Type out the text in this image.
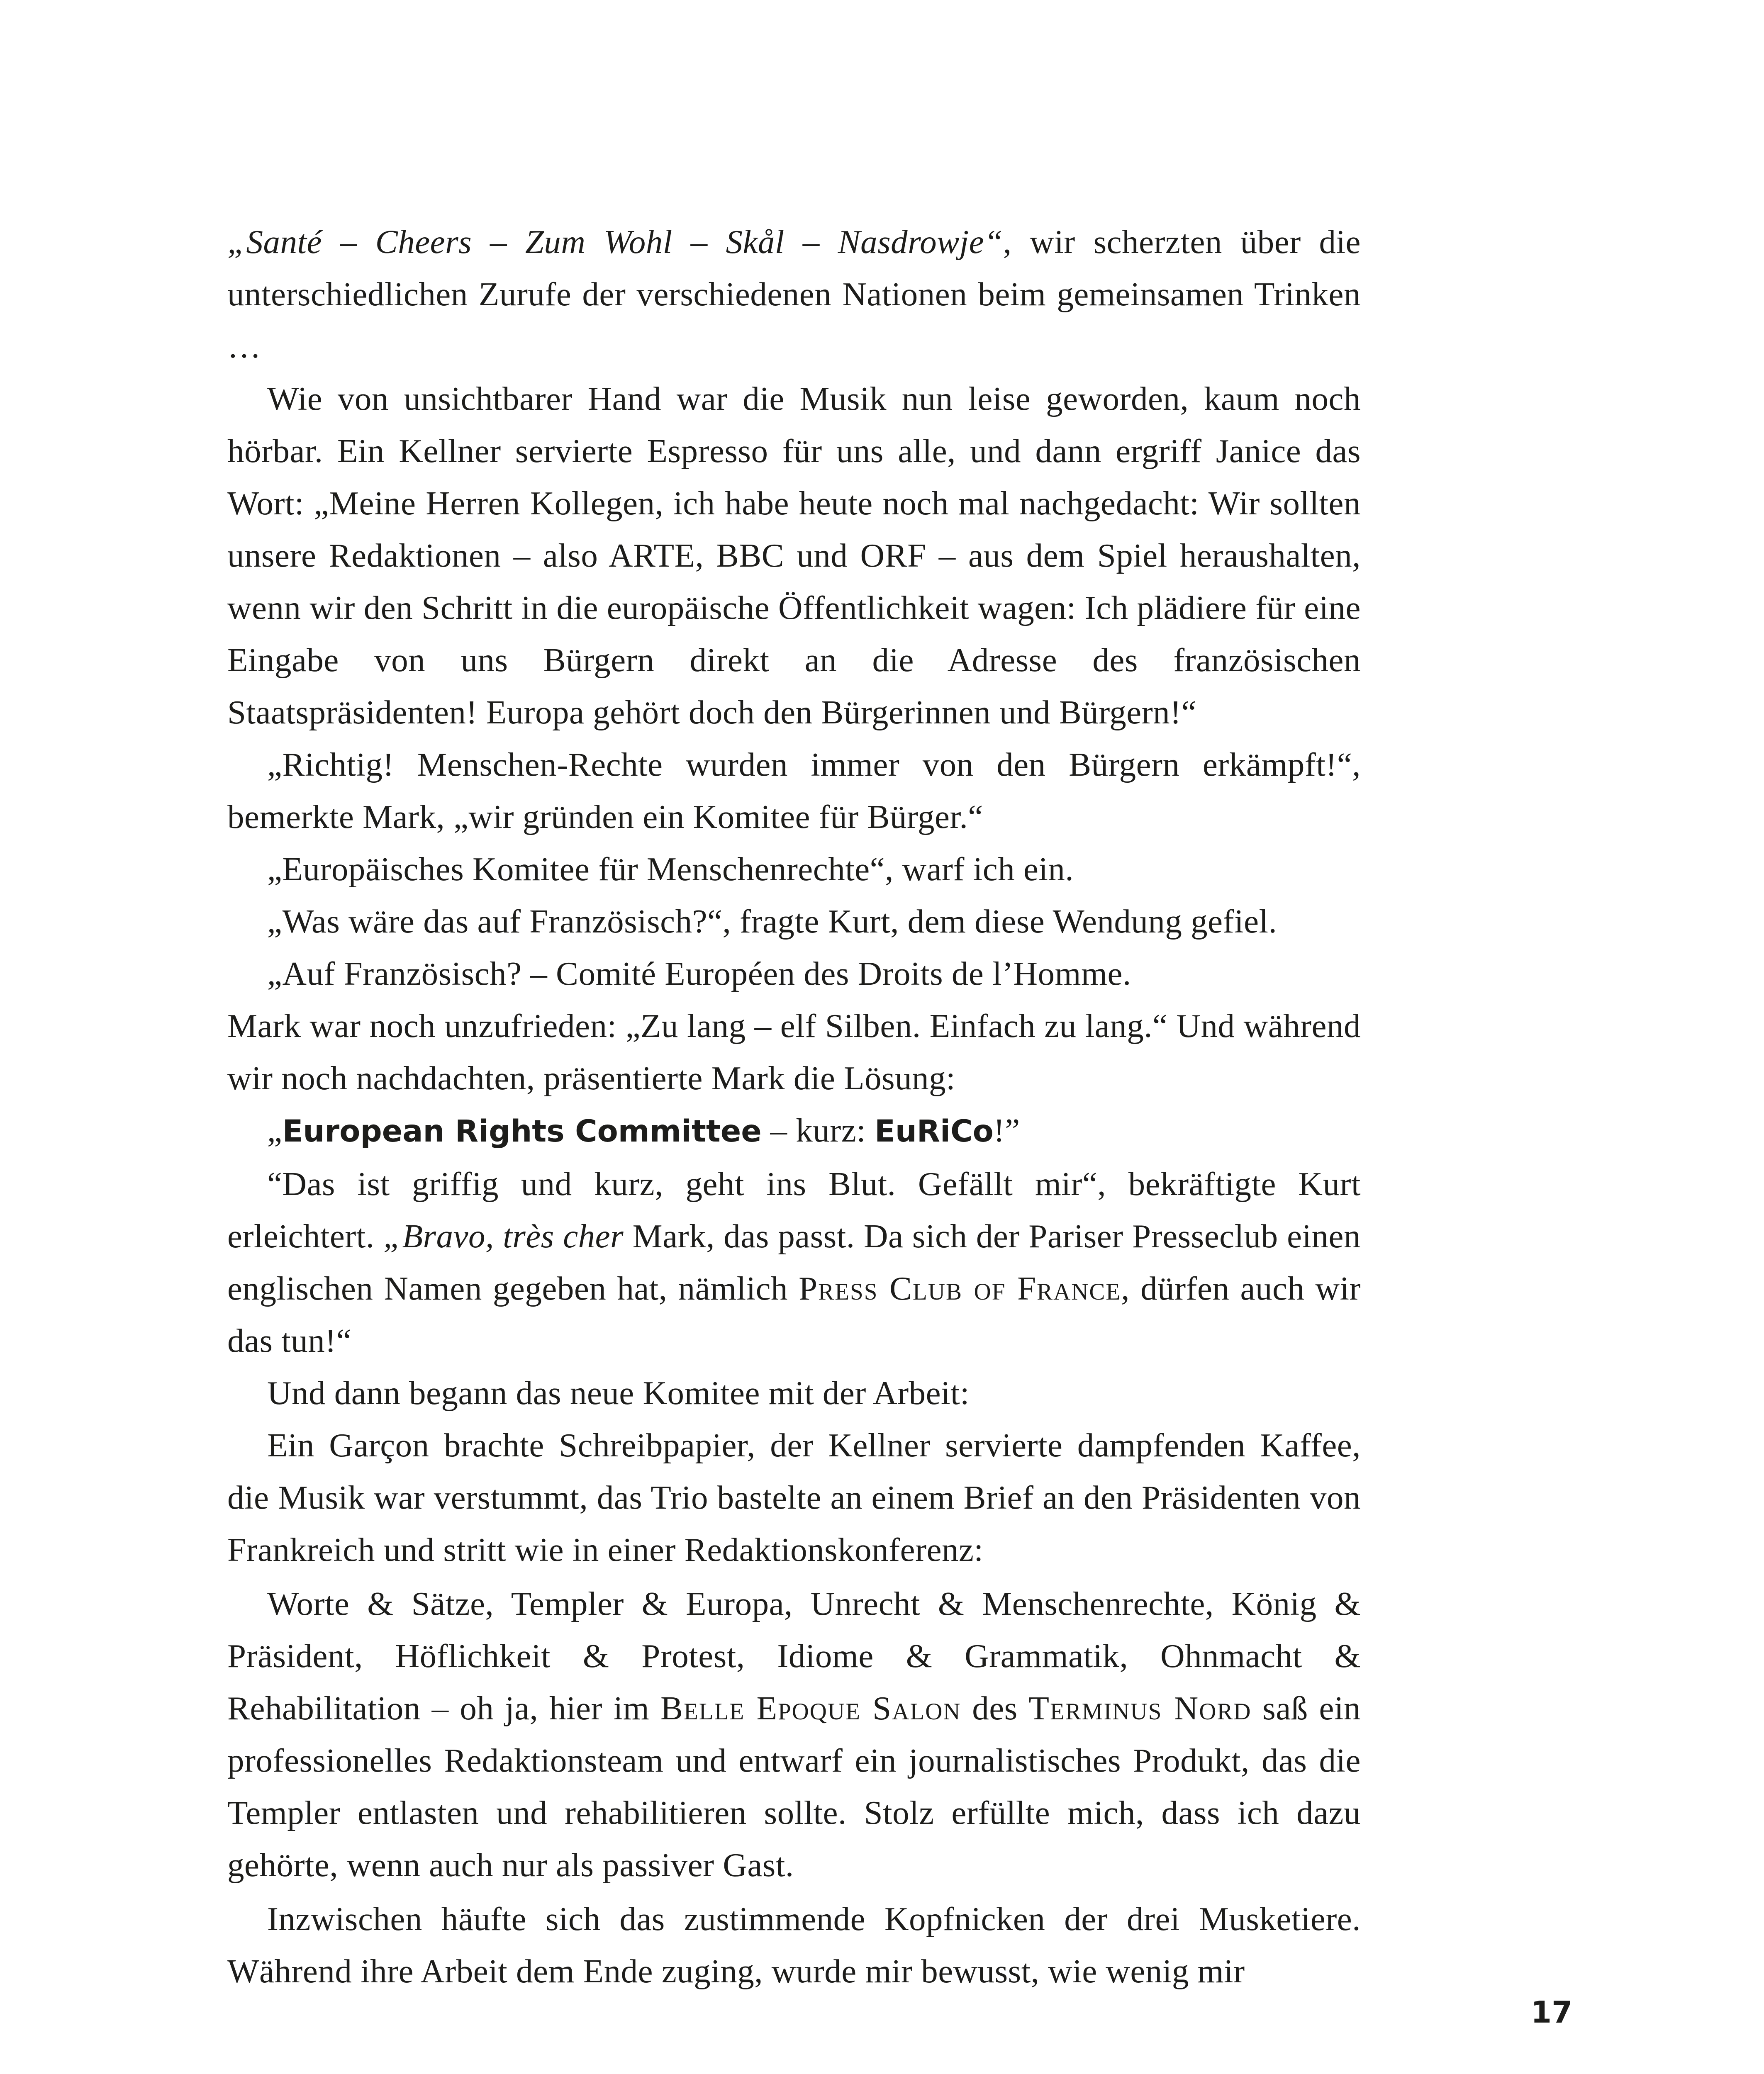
„Santé – Cheers – Zum Wohl – Skål – Nasdrowje“, wir scherzten über die unterschiedlichen Zurufe der verschiedenen Nationen beim gemeinsamen Trinken …

Wie von unsichtbarer Hand war die Musik nun leise geworden, kaum noch hörbar. Ein Kellner servierte Espresso für uns alle, und dann ergriff Janice das Wort: „Meine Herren Kollegen, ich habe heute noch mal nachgedacht: Wir sollten unsere Redaktionen – also ARTE, BBC und ORF – aus dem Spiel heraushalten, wenn wir den Schritt in die europäische Öffentlichkeit wagen: Ich plädiere für eine Eingabe von uns Bürgern direkt an die Adresse des französischen Staatspräsidenten! Europa gehört doch den Bürgerinnen und Bürgern!“

„Richtig! Menschen-Rechte wurden immer von den Bürgern erkämpft!“, bemerkte Mark, „wir gründen ein Komitee für Bürger.“

„Europäisches Komitee für Menschenrechte“, warf ich ein.

„Was wäre das auf Französisch?“, fragte Kurt, dem diese Wendung gefiel.

„Auf Französisch? – Comité Européen des Droits de l’Homme.

Mark war noch unzufrieden: „Zu lang – elf Silben. Einfach zu lang.“ Und während wir noch nachdachten, präsentierte Mark die Lösung:

„European Rights Committee – kurz: EuRiCo!”

“Das ist griffig und kurz, geht ins Blut. Gefällt mir“, bekräftigte Kurt erleichtert. „Bravo, très cher Mark, das passt. Da sich der Pariser Presseclub einen englischen Namen gegeben hat, nämlich Press Club of France, dürfen auch wir das tun!“

Und dann begann das neue Komitee mit der Arbeit:

Ein Garçon brachte Schreibpapier, der Kellner servierte dampfenden Kaffee, die Musik war verstummt, das Trio bastelte an einem Brief an den Präsidenten von Frankreich und stritt wie in einer Redaktionskonferenz:

Worte & Sätze, Templer & Europa, Unrecht & Menschenrechte, König & Präsident, Höflichkeit & Protest, Idiome & Grammatik, Ohnmacht & Rehabilitation – oh ja, hier im Belle Epoque Salon des Terminus Nord saß ein professionelles Redaktionsteam und entwarf ein journalistisches Produkt, das die Templer entlasten und rehabilitieren sollte. Stolz erfüllte mich, dass ich dazu gehörte, wenn auch nur als passiver Gast.

Inzwischen häufte sich das zustimmende Kopfnicken der drei Musketiere. Während ihre Arbeit dem Ende zuging, wurde mir bewusst, wie wenig mir

17
